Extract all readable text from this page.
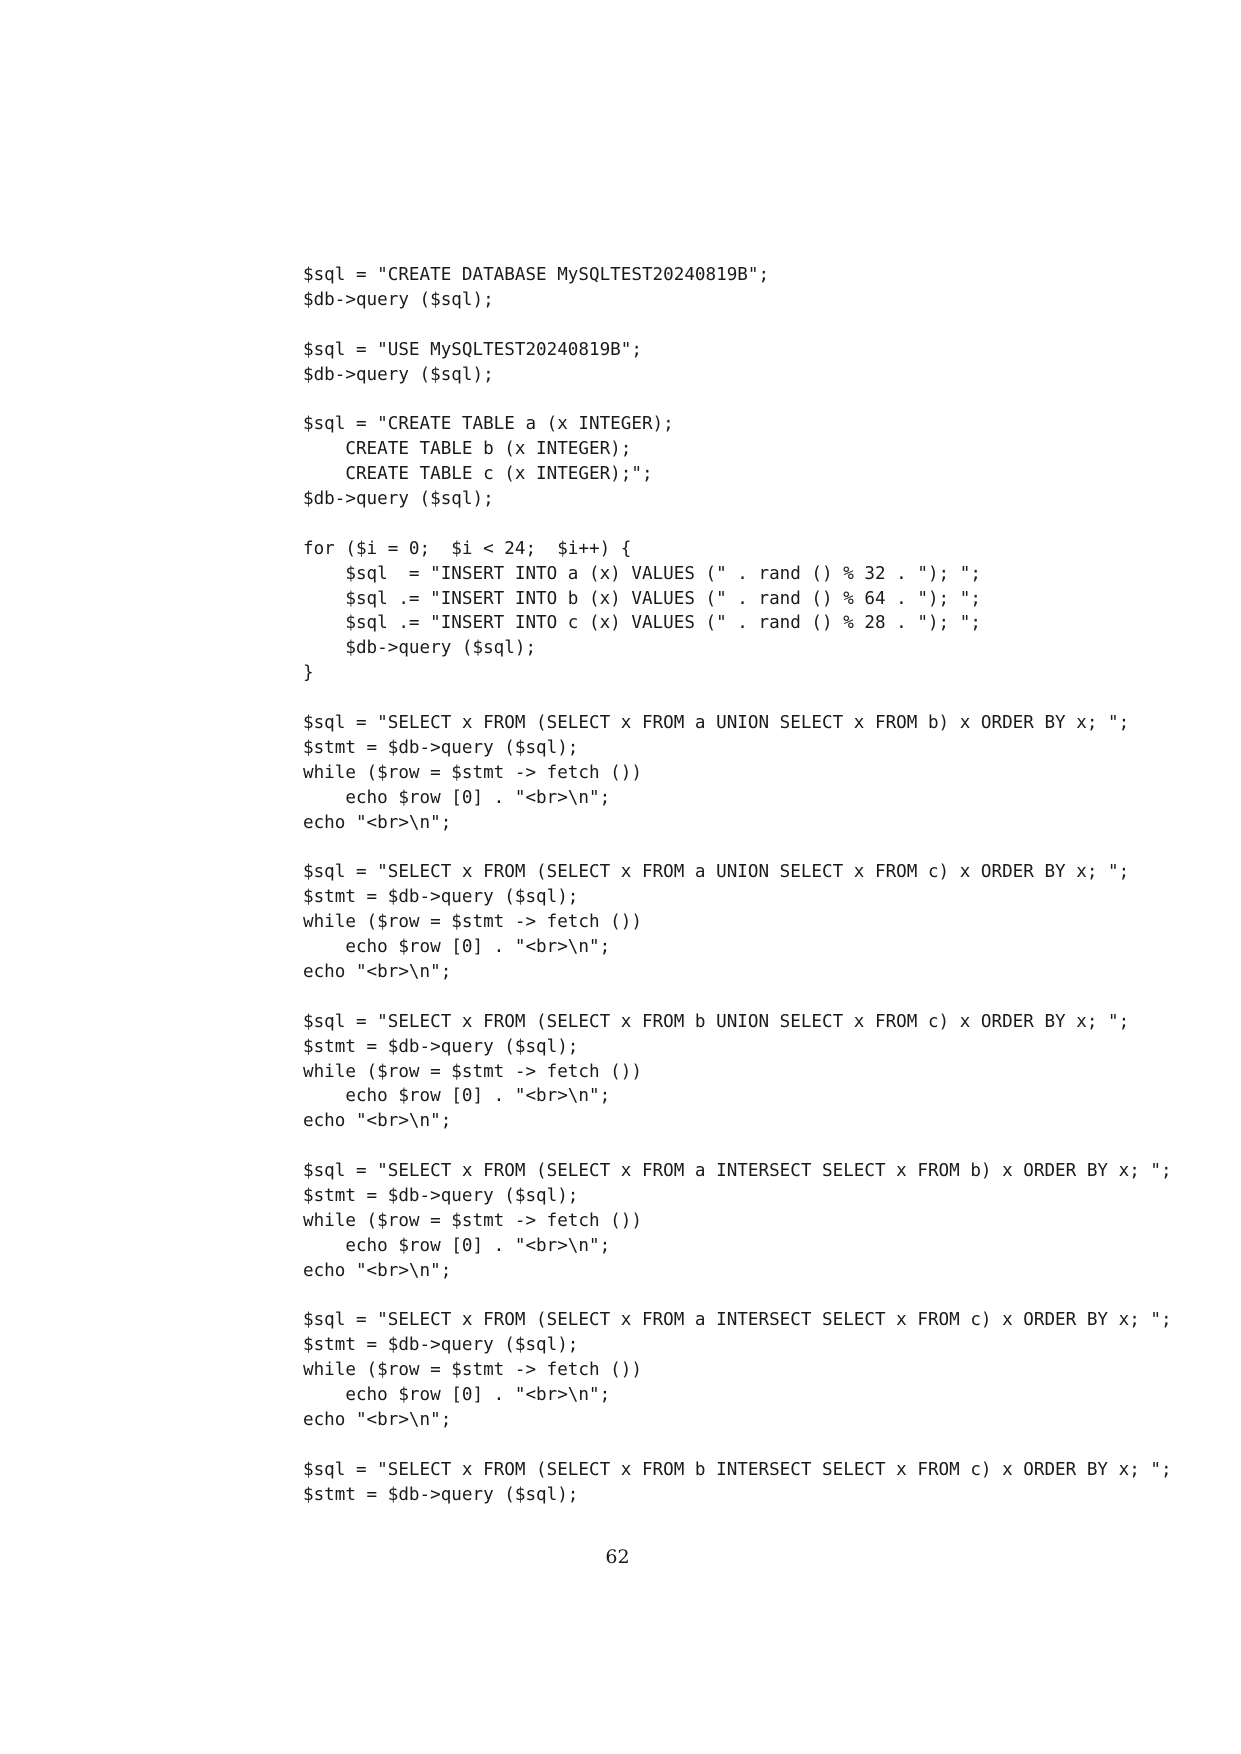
$sql = "CREATE DATABASE MySQLTEST20240819B";
$db->query ($sql);

$sql = "USE MySQLTEST20240819B";
$db->query ($sql);

$sql = "CREATE TABLE a (x INTEGER);
CREATE TABLE b (x INTEGER);
CREATE TABLE c (x INTEGER);";
$db->query ($sql);

for ($i = 0;  $i < 24;  $i++) {
$sql  = "INSERT INTO a (x) VALUES (" . rand () % 32 . "); ";
$sql .= "INSERT INTO b (x) VALUES (" . rand () % 64 . "); ";
$sql .= "INSERT INTO c (x) VALUES (" . rand () % 28 . "); ";
$db->query ($sql);
}

$sql = "SELECT x FROM (SELECT x FROM a UNION SELECT x FROM b) x ORDER BY x; ";
$stmt = $db->query ($sql);
while ($row = $stmt -> fetch ())
echo $row [0] . "<br>\n";
echo "<br>\n";

$sql = "SELECT x FROM (SELECT x FROM a UNION SELECT x FROM c) x ORDER BY x; ";
$stmt = $db->query ($sql);
while ($row = $stmt -> fetch ())
echo $row [0] . "<br>\n";
echo "<br>\n";

$sql = "SELECT x FROM (SELECT x FROM b UNION SELECT x FROM c) x ORDER BY x; ";
$stmt = $db->query ($sql);
while ($row = $stmt -> fetch ())
echo $row [0] . "<br>\n";
echo "<br>\n";

$sql = "SELECT x FROM (SELECT x FROM a INTERSECT SELECT x FROM b) x ORDER BY x; ";
$stmt = $db->query ($sql);
while ($row = $stmt -> fetch ())
echo $row [0] . "<br>\n";
echo "<br>\n";

$sql = "SELECT x FROM (SELECT x FROM a INTERSECT SELECT x FROM c) x ORDER BY x; ";
$stmt = $db->query ($sql);
while ($row = $stmt -> fetch ())
echo $row [0] . "<br>\n";
echo "<br>\n";

$sql = "SELECT x FROM (SELECT x FROM b INTERSECT SELECT x FROM c) x ORDER BY x; ";
$stmt = $db->query ($sql);
62
